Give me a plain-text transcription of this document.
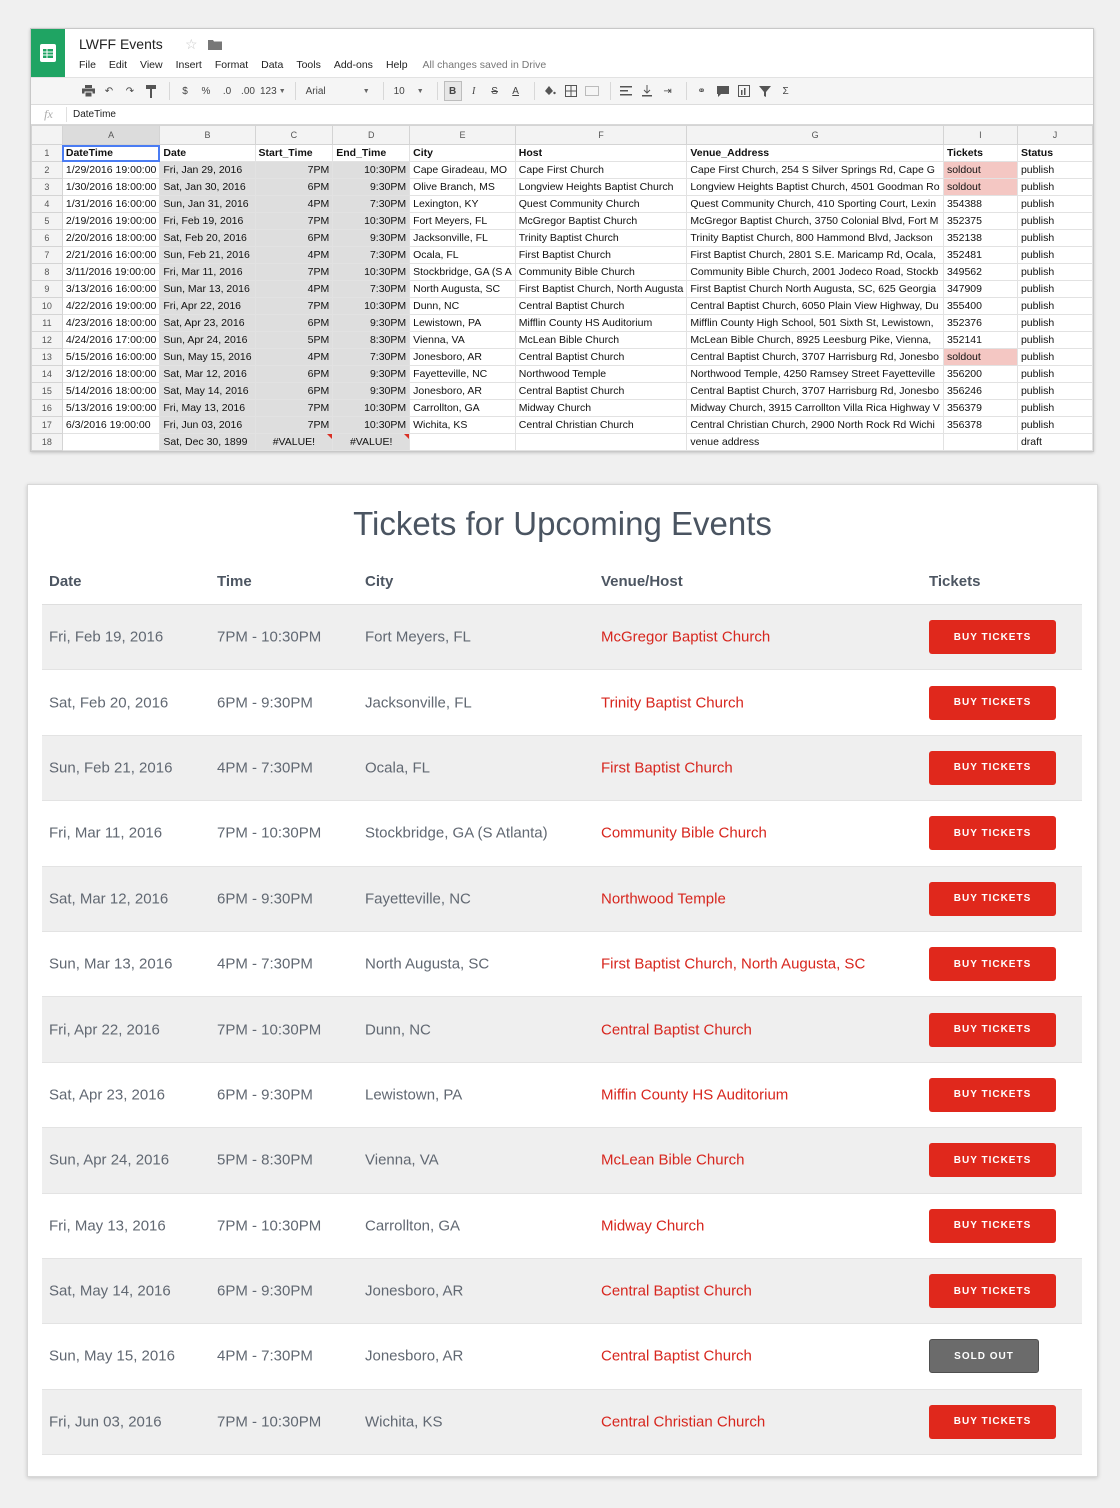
LWFF Events ☆
File Edit View Insert Format Data Tools Add-ons Help All changes saved in Drive
↶	↷	$	%	.0 .00 123 ▼ Arial	▼ 10 ▼	B	I	S	A	⇥	⚭	Σ
fx	DateTime
	A	B	C	D	E	F	G	I	J
1	DateTime	Date	Start_Time	End_Time	City	Host	Venue_Address	Tickets	Status
2	1/29/2016 19:00:00	Fri, Jan 29, 2016	7PM	10:30PM	Cape Giradeau, MO	Cape First Church	Cape First Church, 254 S Silver Springs Rd, Cape G	soldout	publish
3	1/30/2016 18:00:00	Sat, Jan 30, 2016	6PM	9:30PM	Olive Branch, MS	Longview Heights Baptist Church	Longview Heights Baptist Church, 4501 Goodman Ro	soldout	publish
4	1/31/2016 16:00:00	Sun, Jan 31, 2016	4PM	7:30PM	Lexington, KY	Quest Community Church	Quest Community Church, 410 Sporting Court, Lexin	354388	publish
5	2/19/2016 19:00:00	Fri, Feb 19, 2016	7PM	10:30PM	Fort Meyers, FL	McGregor Baptist Church	McGregor Baptist Church, 3750 Colonial Blvd, Fort M	352375	publish
6	2/20/2016 18:00:00	Sat, Feb 20, 2016	6PM	9:30PM	Jacksonville, FL	Trinity Baptist Church	Trinity Baptist Church, 800 Hammond Blvd, Jackson	352138	publish
7	2/21/2016 16:00:00	Sun, Feb 21, 2016	4PM	7:30PM	Ocala, FL	First Baptist Church	First Baptist Church, 2801 S.E. Maricamp Rd, Ocala,	352481	publish
8	3/11/2016 19:00:00	Fri, Mar 11, 2016	7PM	10:30PM	Stockbridge, GA (S A	Community Bible Church	Community Bible Church, 2001 Jodeco Road, Stockb	349562	publish
9	3/13/2016 16:00:00	Sun, Mar 13, 2016	4PM	7:30PM	North Augusta, SC	First Baptist Church, North Augusta	First Baptist Church North Augusta, SC, 625 Georgia	347909	publish
10	4/22/2016 19:00:00	Fri, Apr 22, 2016	7PM	10:30PM	Dunn, NC	Central Baptist Church	Central Baptist Church, 6050 Plain View Highway, Du	355400	publish
11	4/23/2016 18:00:00	Sat, Apr 23, 2016	6PM	9:30PM	Lewistown, PA	Mifflin County HS Auditorium	Mifflin County High School, 501 Sixth St, Lewistown,	352376	publish
12	4/24/2016 17:00:00	Sun, Apr 24, 2016	5PM	8:30PM	Vienna, VA	McLean Bible Church	McLean Bible Church, 8925 Leesburg Pike, Vienna,	352141	publish
13	5/15/2016 16:00:00	Sun, May 15, 2016	4PM	7:30PM	Jonesboro, AR	Central Baptist Church	Central Baptist Church, 3707 Harrisburg Rd, Jonesbo	soldout	publish
14	3/12/2016 18:00:00	Sat, Mar 12, 2016	6PM	9:30PM	Fayetteville, NC	Northwood Temple	Northwood Temple, 4250 Ramsey Street Fayetteville	356200	publish
15	5/14/2016 18:00:00	Sat, May 14, 2016	6PM	9:30PM	Jonesboro, AR	Central Baptist Church	Central Baptist Church, 3707 Harrisburg Rd, Jonesbo	356246	publish
16	5/13/2016 19:00:00	Fri, May 13, 2016	7PM	10:30PM	Carrollton, GA	Midway Church	Midway Church, 3915 Carrollton Villa Rica Highway V	356379	publish
17	6/3/2016 19:00:00	Fri, Jun 03, 2016	7PM	10:30PM	Wichita, KS	Central Christian Church	Central Christian Church, 2900 North Rock Rd Wichi	356378	publish
18		Sat, Dec 30, 1899	#VALUE!	#VALUE!			venue address		draft
Tickets for Upcoming Events
Date	Time	City	Venue/Host	Tickets
Fri, Feb 19, 2016	7PM - 10:30PM	Fort Meyers, FL	McGregor Baptist Church	BUY TICKETS
Sat, Feb 20, 2016	6PM - 9:30PM	Jacksonville, FL	Trinity Baptist Church	BUY TICKETS
Sun, Feb 21, 2016	4PM - 7:30PM	Ocala, FL	First Baptist Church	BUY TICKETS
Fri, Mar 11, 2016	7PM - 10:30PM	Stockbridge, GA (S Atlanta)	Community Bible Church	BUY TICKETS
Sat, Mar 12, 2016	6PM - 9:30PM	Fayetteville, NC	Northwood Temple	BUY TICKETS
Sun, Mar 13, 2016	4PM - 7:30PM	North Augusta, SC	First Baptist Church, North Augusta, SC	BUY TICKETS
Fri, Apr 22, 2016	7PM - 10:30PM	Dunn, NC	Central Baptist Church	BUY TICKETS
Sat, Apr 23, 2016	6PM - 9:30PM	Lewistown, PA	Miffin County HS Auditorium	BUY TICKETS
Sun, Apr 24, 2016	5PM - 8:30PM	Vienna, VA	McLean Bible Church	BUY TICKETS
Fri, May 13, 2016	7PM - 10:30PM	Carrollton, GA	Midway Church	BUY TICKETS
Sat, May 14, 2016	6PM - 9:30PM	Jonesboro, AR	Central Baptist Church	BUY TICKETS
Sun, May 15, 2016	4PM - 7:30PM	Jonesboro, AR	Central Baptist Church	SOLD OUT
Fri, Jun 03, 2016	7PM - 10:30PM	Wichita, KS	Central Christian Church	BUY TICKETS
